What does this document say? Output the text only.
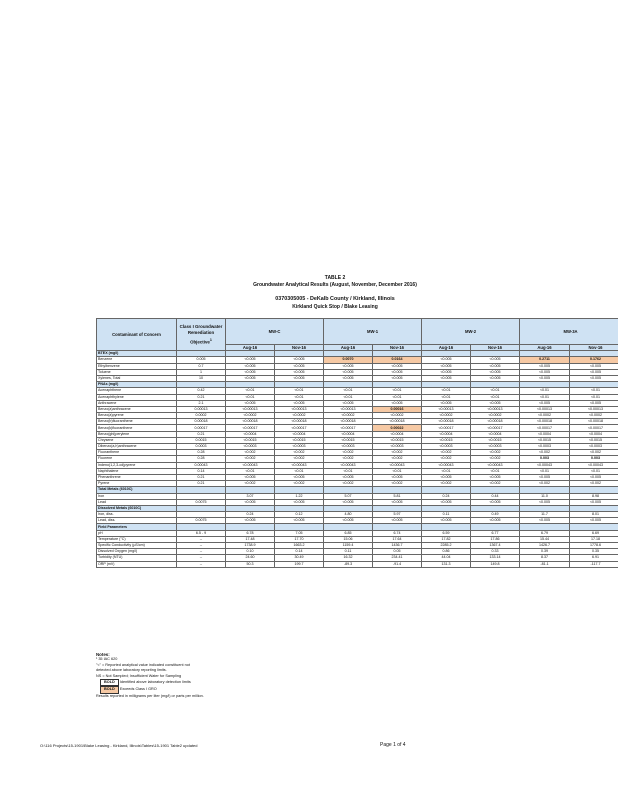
TABLE 2
Groundwater Analytical Results (August, November, December 2016)
0370305005 - DeKalb County / Kirkland, Illinois
Kirkland Quick Stop / Blake Leasing
Contaminant of Concern	Class I Groundwater Remediation Objective$^1$	MW-C		MW-1		MW-2		MW-3A	
		Aug-16	Nov-16	Aug-16	Nov-16	Aug-16	Nov-16	Aug-16	Nov-16
BTEX (mg/l)									
Benzene	0.005	<0.005	<0.005	0.0070	0.0164	<0.005	<0.005	0.2711	0.1762
Ethylbenzene	0.7	<0.005	<0.005	<0.005	<0.005	<0.005	<0.005	<0.005	<0.005
Toluene	1	<0.005	<0.005	<0.005	<0.005	<0.005	<0.005	<0.005	<0.005
Xylenes, Total	10	<0.005	<0.005	<0.005	<0.005	<0.005	<0.005	<0.005	<0.005
PNAs (mg/l)									
Acenaphthene	0.42	<0.01	<0.01	<0.01	<0.01	<0.01	<0.01	<0.01	<0.01
Acenaphthylene	0.21	<0.01	<0.01	<0.01	<0.01	<0.01	<0.01	<0.01	<0.01
Anthracene	2.1	<0.005	<0.005	<0.005	<0.005	<0.005	<0.005	<0.005	<0.005
Benzo(a)anthracene	0.00013	<0.00013	<0.00013	<0.00013	0.00016	<0.00013	<0.00013	<0.00013	<0.00013
Benzo(a)pyrene	0.0002	<0.0002	<0.0002	<0.0002	<0.0002	<0.0002	<0.0002	<0.0002	<0.0002
Benzo(b)fluoranthene	0.00018	<0.00018	<0.00018	<0.00018	<0.00018	<0.00018	<0.00018	<0.00018	<0.00018
Benzo(k)fluoranthene	0.00017	<0.00017	<0.00017	<0.00017	0.00022	<0.00017	<0.00017	<0.00017	<0.00017
Benzo(ghi)perylene	0.21	<0.0004	<0.0004	<0.0004	<0.0004	<0.0004	<0.0004	<0.0004	<0.0004
Chrysene	0.0015	<0.0015	<0.0015	<0.0015	<0.0015	<0.0015	<0.0015	<0.0015	<0.0015
Dibenzo(a,h)anthracene	0.0003	<0.0003	<0.0003	<0.0003	<0.0003	<0.0003	<0.0003	<0.0003	<0.0003
Fluoranthene	0.28	<0.002	<0.002	<0.002	<0.002	<0.002	<0.002	<0.002	<0.002
Fluorene	0.28	<0.002	<0.002	<0.002	<0.002	<0.002	<0.002	0.003	0.003
Indeno(1,2,3-cd)pyrene	0.00043	<0.00043	<0.00043	<0.00043	<0.00043	<0.00043	<0.00043	<0.00043	<0.00043
Naphthalene	0.14	<0.01	<0.01	<0.01	<0.01	<0.01	<0.01	<0.01	<0.01
Phenanthrene	0.21	<0.005	<0.005	<0.005	<0.005	<0.005	<0.005	<0.005	<0.005
Pyrene	0.21	<0.002	<0.002	<0.002	<0.002	<0.002	<0.002	<0.002	<0.002
Total Metals (6010C)									
Iron		3.07	1.22	5.07	5.81	0.24	0.44	11.0	8.98
Lead	0.0075	<0.005	<0.005	<0.005	<0.005	<0.005	<0.005	<0.005	<0.005
Dissolved Metals (6010C)									
Iron, diss.		0.24	0.12	4.80	5.97	0.11	0.49	11.7	8.01
Lead, diss.	0.0075	<0.005	<0.005	<0.005	<0.005	<0.005	<0.005	<0.005	<0.005
Field Parameters									
pH	6.5 - 9	6.78	7.05	6.85	6.74	6.59	6.77	6.79	6.69
Temperature (°C)	--	17.48	17.70	15.06	17.64	17.82	17.86	15.44	17.18
Specific Conductivity (µS/cm)	--	1738.9	1663.2	1159.4	1436.7	2285.2	1367.4	1426.7	1778.6
Dissolved Oxygen (mg/l)	--	0.10	0.14	0.11	0.05	0.86	0.33	0.39	0.35
Turbidity (NTU)	--	24.60	30.49	16.32	234.41	44.04	133.14	8.37	6.91
ORP (mV)	--	50.3	199.7	-89.3	-91.4	131.3	149.8	-81.1	-117.7
Notes:
¹ 35 IAC 620
"<" = Reported analytical value indicated constituent not
detected above laboratory reporting limits.
NS = Not Sampled; Insufficient Water for Sampling
BOLD Identified above laboratory detection limits
BOLD Exceeds Class I GRO
Results reported in milligrams per liter (mg/l) or parts per million.
O:\116 Projects\15-1901\Blake Leasing - Kirkland, Illinois\Tables\15-1901 Table2 updated	Page 1 of 4
